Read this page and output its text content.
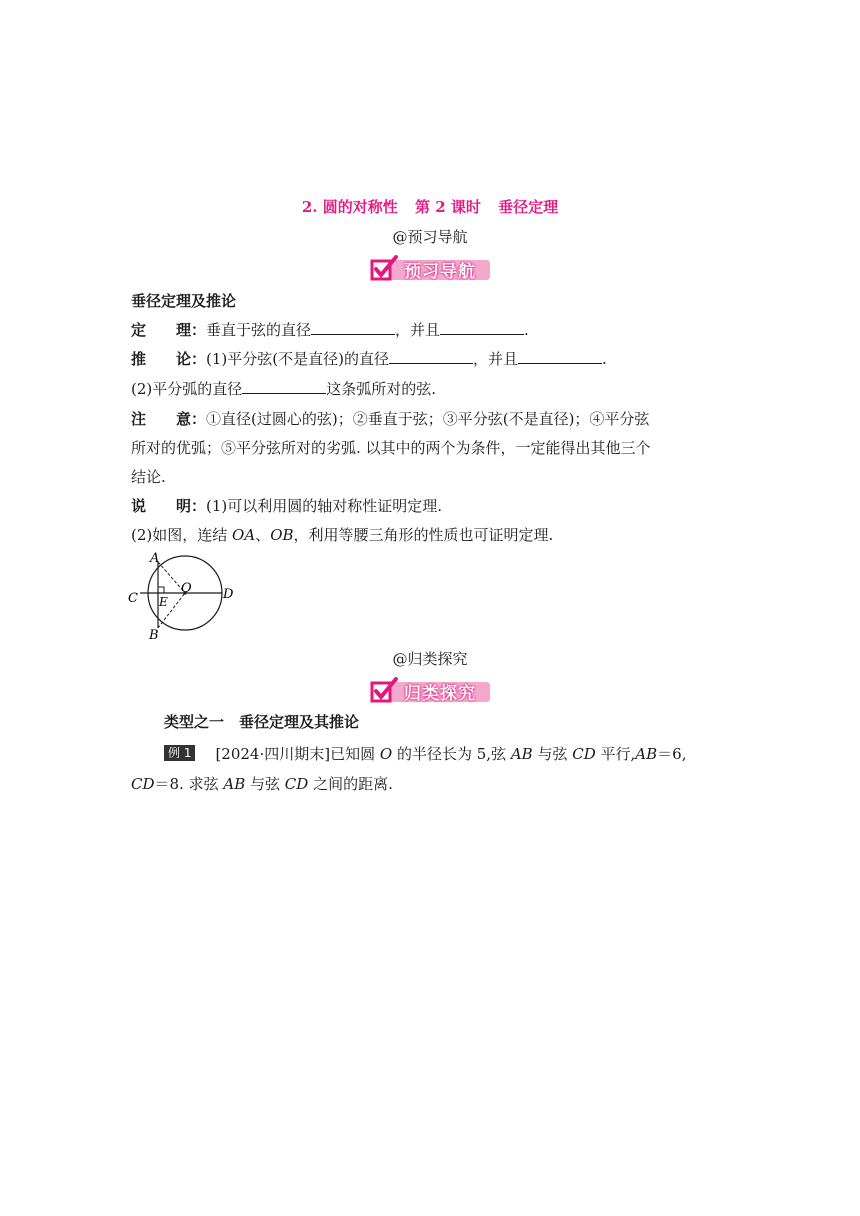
2. 圆的对称性 第 2 课时 垂径定理
@预习导航
预习导航
垂径定理及推论
定　　理：垂直于弦的直径	，并且	.
推　　论：(1)平分弦(不是直径)的直径	，并且	.
(2)平分弧的直径	这条弧所对的弦.
注　　意：①直径(过圆心的弦)；②垂直于弦；③平分弦(不是直径)；④平分弦
所对的优弧；⑤平分弦所对的劣弧. 以其中的两个为条件，一定能得出其他三个
结论.
说　　明：(1)可以利用圆的轴对称性证明定理.
(2)如图，连结 OA、OB，利用等腰三角形的性质也可证明定理.
A
B
C	D
E
O
@归类探究
归类探究
类型之一　垂径定理及其推论
例 1 [2024·四川期末]已知圆 O 的半径长为 5,弦 AB 与弦 CD 平行,AB＝6,
CD＝8. 求弦 AB 与弦 CD 之间的距离.
